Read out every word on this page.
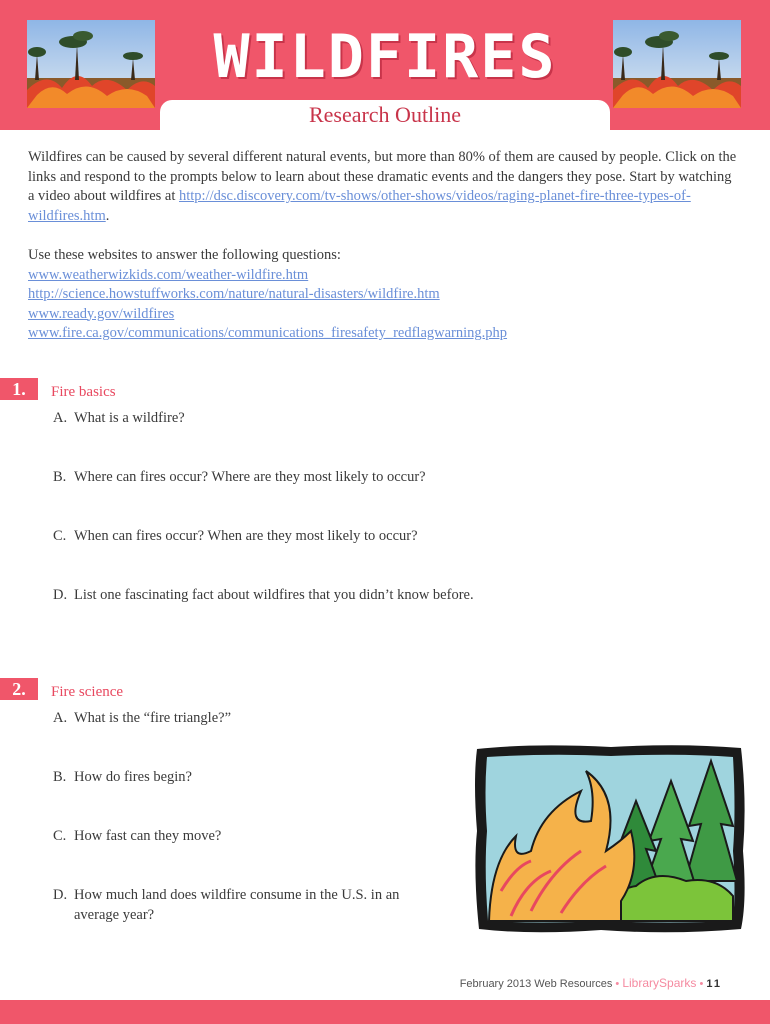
WILDFIRES
Research Outline

Wildfires can be caused by several different natural events, but more than 80% of them are caused by people. Click on the links and respond to the prompts below to learn about these dramatic events and the dangers they pose. Start by watching a video about wildfires at http://dsc.discovery.com/tv-shows/other-shows/videos/raging-planet-fire-three-types-of-wildfires.htm.

Use these websites to answer the following questions:

www.weatherwizkids.com/weather-wildfire.htm

http://science.howstuffworks.com/nature/natural-disasters/wildfire.htm

www.ready.gov/wildfires

www.fire.ca.gov/communications/communications_firesafety_redflagwarning.php

1.	Fire basics
A. What is a wildfire?
B. Where can fires occur? Where are they most likely to occur?
C. When can fires occur? When are they most likely to occur?
D. List one fascinating fact about wildfires that you didn’t know before.
2.	Fire science
A. What is the “fire triangle?”
B. How do fires begin?
C. How fast can they move?
D. How much land does wildfire consume in the U.S. in an
average year?
February 2013 Web Resources • LibrarySparks • 11
